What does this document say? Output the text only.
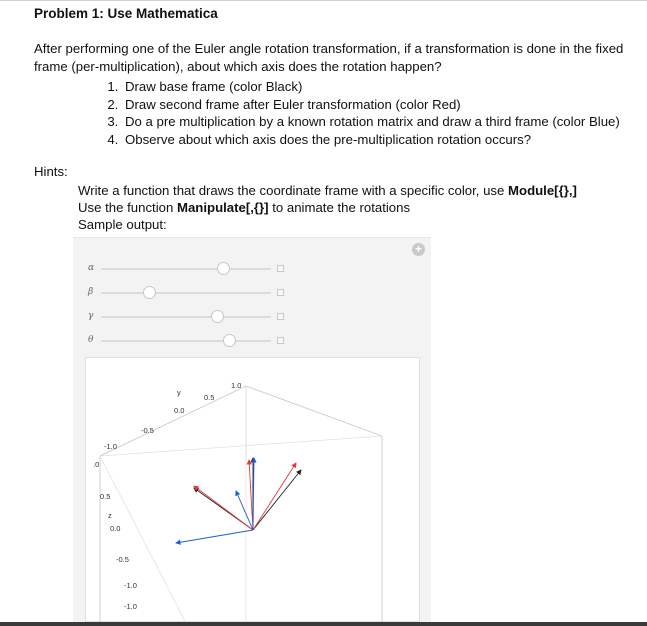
Problem 1: Use Mathematica
After performing one of the Euler angle rotation transformation, if a transformation is done in the fixed frame (per-multiplication), about which axis does the rotation happen?
1. Draw base frame (color Black)
2. Draw second frame after Euler transformation (color Red)
3. Do a pre multiplication by a known rotation matrix and draw a third frame (color Blue)
4. Observe about which axis does the pre-multiplication rotation occurs?
Hints:
Write a function that draws the coordinate frame with a specific color, use Module[{},]
Use the function Manipulate[,{}] to animate the rotations
Sample output:
+
α
β
γ
θ
1.0
0.5
0.0
-0.5
-1.0
.0
0.5
0.0
-0.5
-1.0
-1.0
y
z
